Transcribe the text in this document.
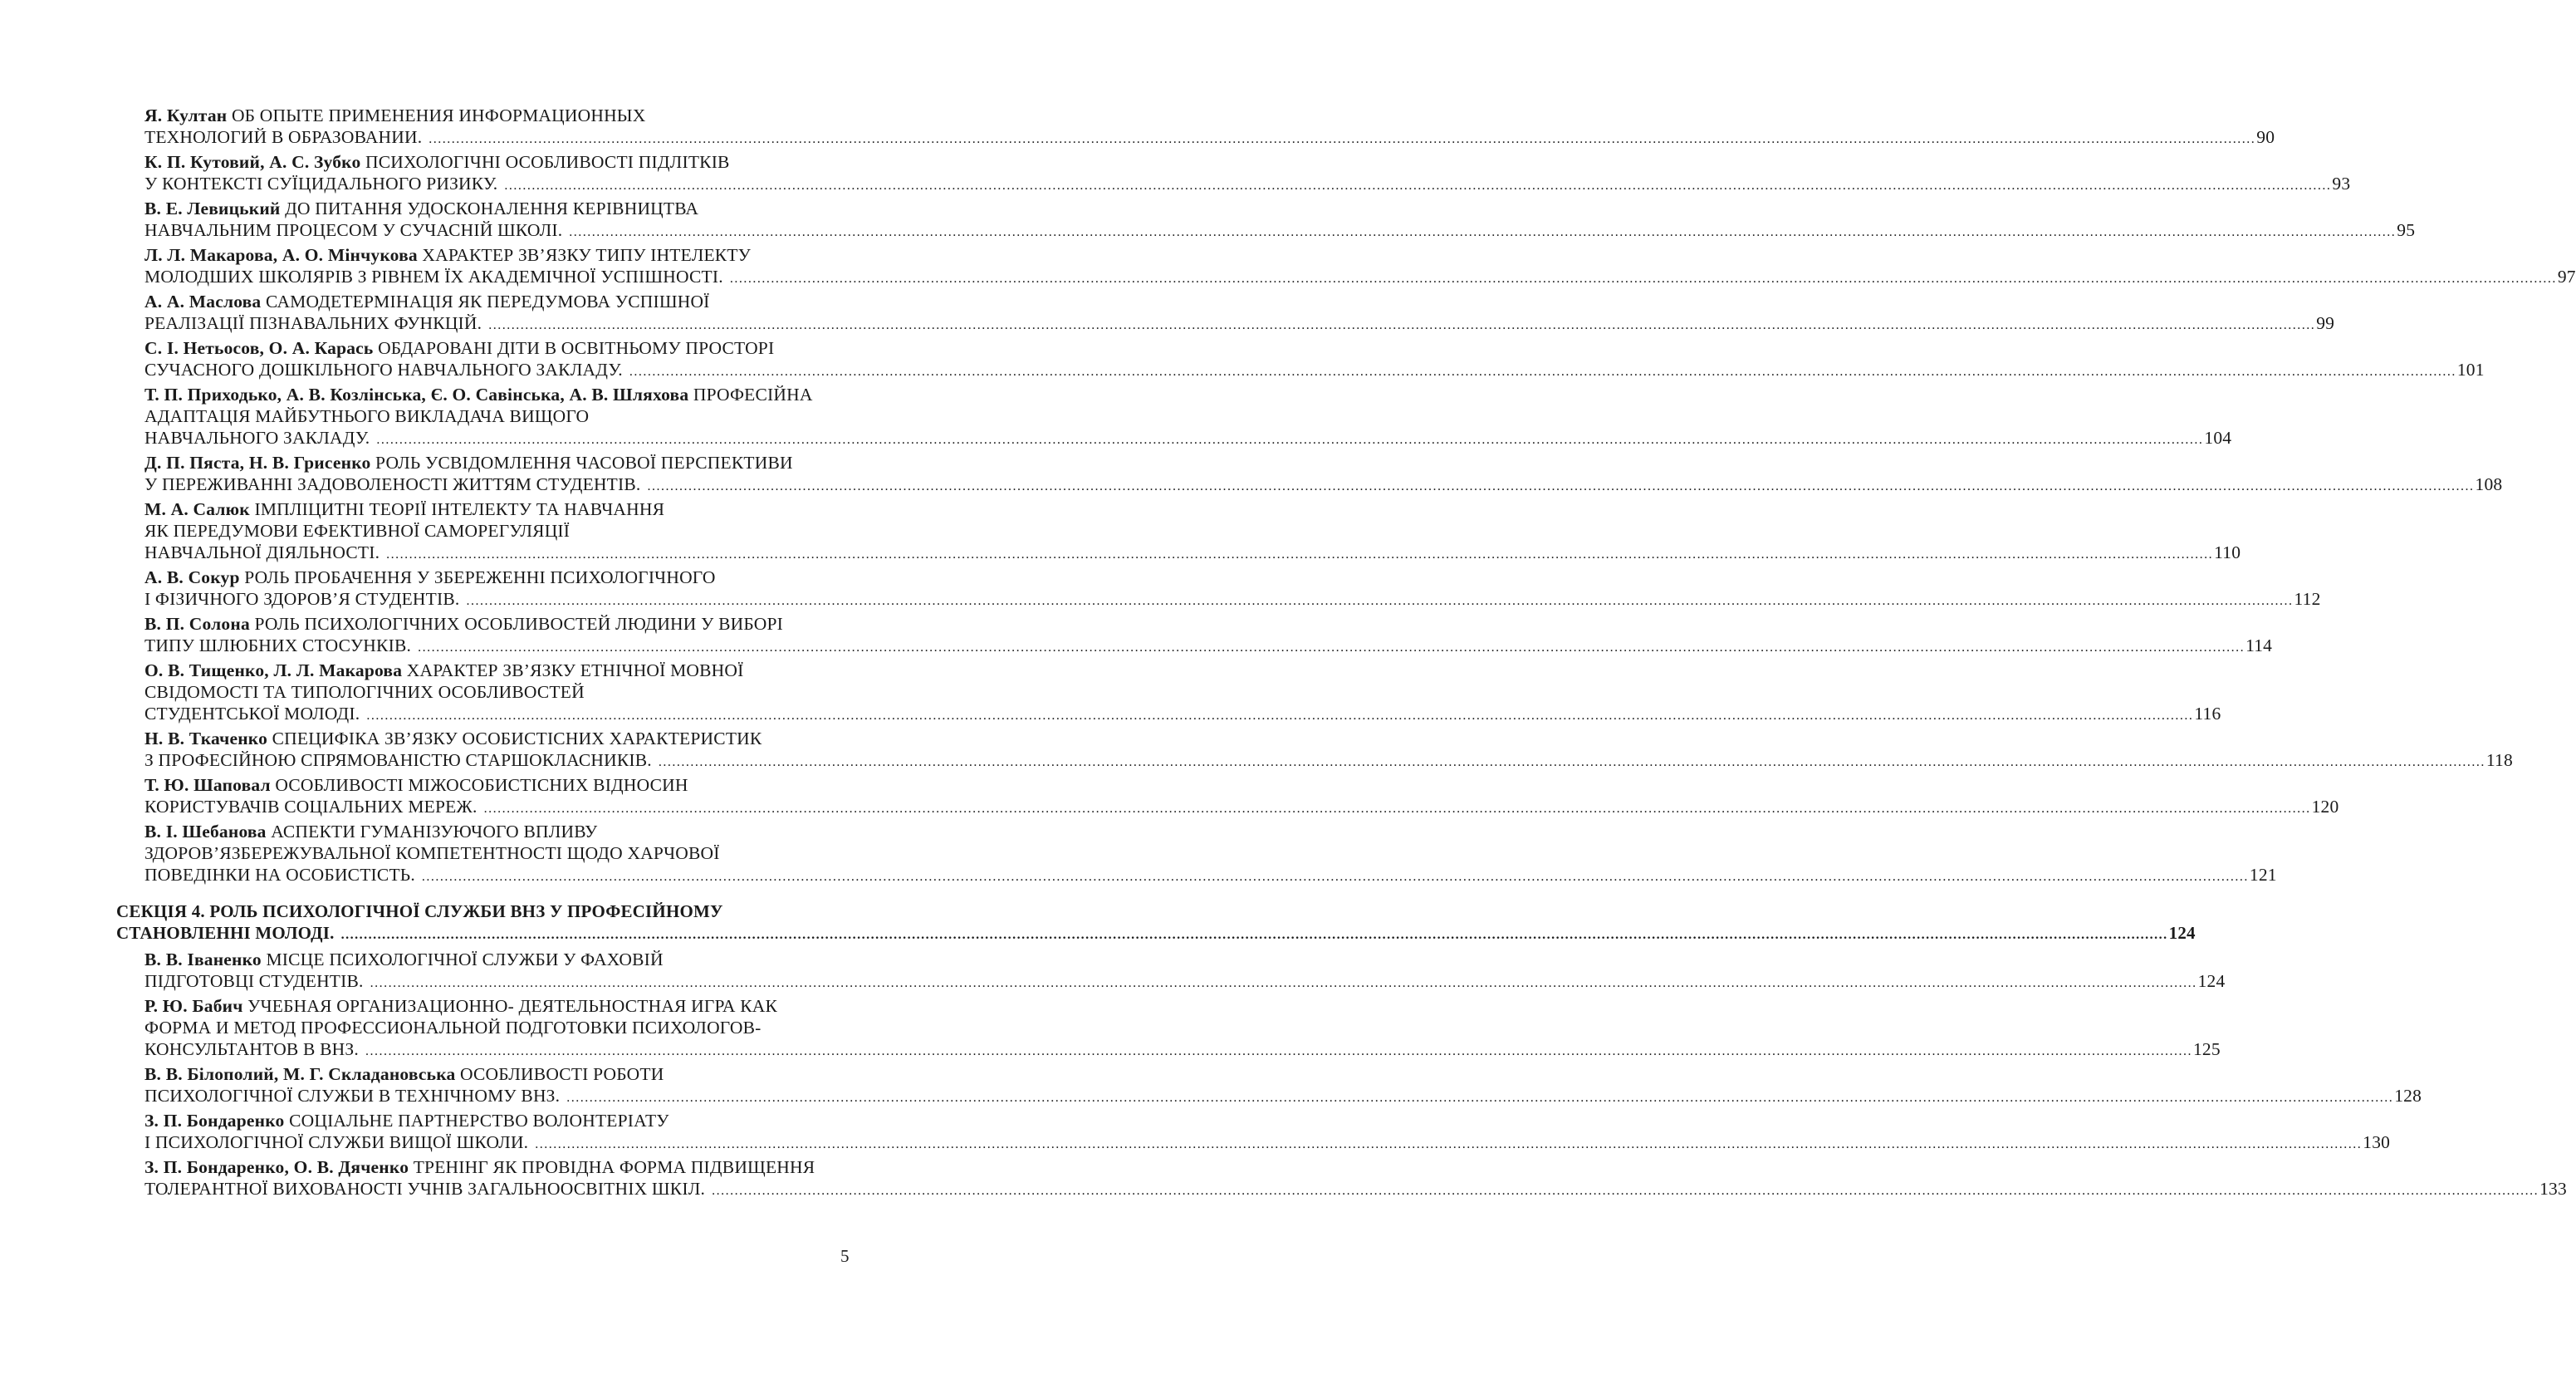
Я. Култан ОБ ОПЫТЕ ПРИМЕНЕНИЯ ИНФОРМАЦИОННЫХ
ТЕХНОЛОГИЙ В ОБРАЗОВАНИИ. ................................................................................................................................................................................................................................................................................................................................................................................................................ 90
К. П. Кутовий, А. С. Зубко ПСИХОЛОГІЧНІ ОСОБЛИВОСТІ ПІДЛІТКІВ
У КОНТЕКСТІ СУЇЦИДАЛЬНОГО РИЗИКУ. ................................................................................................................................................................................................................................................................................................................................................................................................................ 93
В. Е. Левицький ДО ПИТАННЯ УДОСКОНАЛЕННЯ КЕРІВНИЦТВА
НАВЧАЛЬНИМ ПРОЦЕСОМ У СУЧАСНІЙ ШКОЛІ. ................................................................................................................................................................................................................................................................................................................................................................................................................ 95
Л. Л. Макарова, А. О. Мінчукова ХАРАКТЕР ЗВ’ЯЗКУ ТИПУ ІНТЕЛЕКТУ
МОЛОДШИХ ШКОЛЯРІВ З РІВНЕМ ЇХ АКАДЕМІЧНОЇ УСПІШНОСТІ. ................................................................................................................................................................................................................................................................................................................................................................................................................ 97
А. А. Маслова САМОДЕТЕРМІНАЦІЯ ЯК ПЕРЕДУМОВА УСПІШНОЇ
РЕАЛІЗАЦІЇ ПІЗНАВАЛЬНИХ ФУНКЦІЙ. ................................................................................................................................................................................................................................................................................................................................................................................................................ 99
С. І. Нетьосов, О. А. Карась ОБДАРОВАНІ ДІТИ В ОСВІТНЬОМУ ПРОСТОРІ
СУЧАСНОГО ДОШКІЛЬНОГО НАВЧАЛЬНОГО ЗАКЛАДУ. ................................................................................................................................................................................................................................................................................................................................................................................................................ 101
Т. П. Приходько, А. В. Козлінська, Є. О. Савінська, А. В. Шляхова ПРОФЕСІЙНА
АДАПТАЦІЯ МАЙБУТНЬОГО ВИКЛАДАЧА ВИЩОГО
НАВЧАЛЬНОГО ЗАКЛАДУ. ................................................................................................................................................................................................................................................................................................................................................................................................................ 104
Д. П. Пяста, Н. В. Грисенко РОЛЬ УСВІДОМЛЕННЯ ЧАСОВОЇ ПЕРСПЕКТИВИ
У ПЕРЕЖИВАННІ ЗАДОВОЛЕНОСТІ ЖИТТЯМ СТУДЕНТІВ. ................................................................................................................................................................................................................................................................................................................................................................................................................ 108
М. А. Салюк ІМПЛІЦИТНІ ТЕОРІЇ ІНТЕЛЕКТУ ТА НАВЧАННЯ
ЯК ПЕРЕДУМОВИ ЕФЕКТИВНОЇ САМОРЕГУЛЯЦІЇ
НАВЧАЛЬНОЇ ДІЯЛЬНОСТІ. ................................................................................................................................................................................................................................................................................................................................................................................................................ 110
А. В. Сокур РОЛЬ ПРОБАЧЕННЯ У ЗБЕРЕЖЕННІ ПСИХОЛОГІЧНОГО
І ФІЗИЧНОГО ЗДОРОВ’Я СТУДЕНТІВ. ................................................................................................................................................................................................................................................................................................................................................................................................................ 112
В. П. Солона РОЛЬ ПСИХОЛОГІЧНИХ ОСОБЛИВОСТЕЙ ЛЮДИНИ У ВИБОРІ
ТИПУ ШЛЮБНИХ СТОСУНКІВ. ................................................................................................................................................................................................................................................................................................................................................................................................................ 114
О. В. Тищенко, Л. Л. Макарова ХАРАКТЕР ЗВ’ЯЗКУ ЕТНІЧНОЇ МОВНОЇ
СВІДОМОСТІ ТА ТИПОЛОГІЧНИХ ОСОБЛИВОСТЕЙ
СТУДЕНТСЬКОЇ МОЛОДІ. ................................................................................................................................................................................................................................................................................................................................................................................................................ 116
Н. В. Ткаченко СПЕЦИФІКА ЗВ’ЯЗКУ ОСОБИСТІСНИХ ХАРАКТЕРИСТИК
З ПРОФЕСІЙНОЮ СПРЯМОВАНІСТЮ СТАРШОКЛАСНИКІВ. ................................................................................................................................................................................................................................................................................................................................................................................................................ 118
Т. Ю. Шаповал ОСОБЛИВОСТІ МІЖОСОБИСТІСНИХ ВІДНОСИН
КОРИСТУВАЧІВ СОЦІАЛЬНИХ МЕРЕЖ. ................................................................................................................................................................................................................................................................................................................................................................................................................ 120
В. І. Шебанова АСПЕКТИ ГУМАНІЗУЮЧОГО ВПЛИВУ
ЗДОРОВ’ЯЗБЕРЕЖУВАЛЬНОЇ КОМПЕТЕНТНОСТІ ЩОДО ХАРЧОВОЇ
ПОВЕДІНКИ НА ОСОБИСТІСТЬ. ................................................................................................................................................................................................................................................................................................................................................................................................................ 121
СЕКЦІЯ 4. РОЛЬ ПСИХОЛОГІЧНОЇ СЛУЖБИ ВНЗ У ПРОФЕСІЙНОМУ
СТАНОВЛЕННІ МОЛОДІ. ................................................................................................................................................................................................................................................................................................................................................................................................................ 124
В. В. Іваненко МІСЦЕ ПСИХОЛОГІЧНОЇ СЛУЖБИ У ФАХОВІЙ
ПІДГОТОВЦІ СТУДЕНТІВ. ................................................................................................................................................................................................................................................................................................................................................................................................................ 124
Р. Ю. Бабич УЧЕБНАЯ ОРГАНИЗАЦИОННО- ДЕЯТЕЛЬНОСТНАЯ ИГРА КАК
ФОРМА И МЕТОД ПРОФЕССИОНАЛЬНОЙ ПОДГОТОВКИ ПСИХОЛОГОВ-
КОНСУЛЬТАНТОВ В ВНЗ. ................................................................................................................................................................................................................................................................................................................................................................................................................ 125
В. В. Білополий, М. Г. Складановська ОСОБЛИВОСТІ РОБОТИ
ПСИХОЛОГІЧНОЇ СЛУЖБИ В ТЕХНІЧНОМУ ВНЗ. ................................................................................................................................................................................................................................................................................................................................................................................................................ 128
З. П. Бондаренко СОЦІАЛЬНЕ ПАРТНЕРСТВО ВОЛОНТЕРІАТУ
І ПСИХОЛОГІЧНОЇ СЛУЖБИ ВИЩОЇ ШКОЛИ. ................................................................................................................................................................................................................................................................................................................................................................................................................ 130
З. П. Бондаренко, О. В. Дяченко ТРЕНІНГ ЯК ПРОВІДНА ФОРМА ПІДВИЩЕННЯ
ТОЛЕРАНТНОЇ ВИХОВАНОСТІ УЧНІВ ЗАГАЛЬНООСВІТНІХ ШКІЛ. ................................................................................................................................................................................................................................................................................................................................................................................................................ 133
5
